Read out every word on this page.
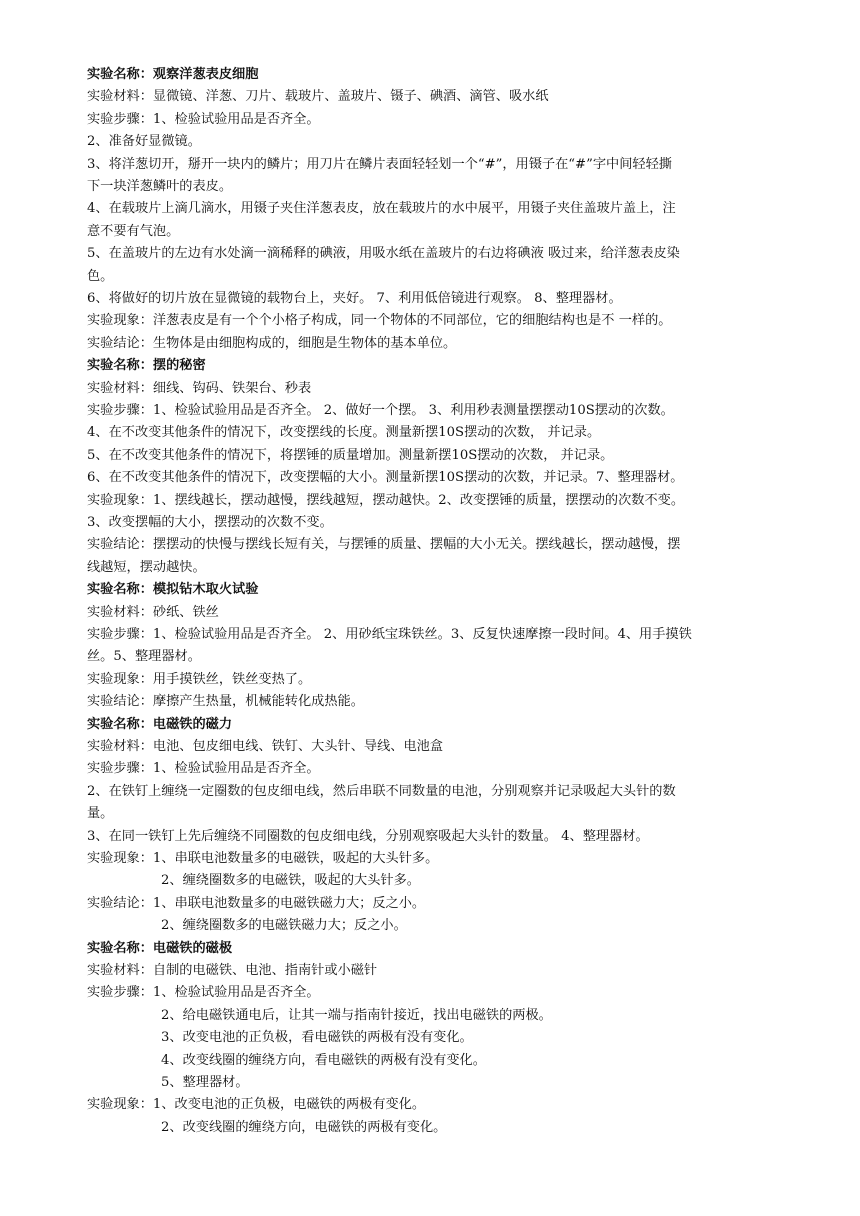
实验名称：观察洋葱表皮细胞
实验材料：显微镜、洋葱、刀片、载玻片、盖玻片、镊子、碘酒、滴管、吸水纸
实验步骤：1、检验试验用品是否齐全。
2、准备好显微镜。
3、将洋葱切开，掰开一块内的鳞片；用刀片在鳞片表面轻轻划一个“#”，用镊子在“#”字中间轻轻撕
下一块洋葱鳞叶的表皮。
4、在载玻片上滴几滴水，用镊子夹住洋葱表皮，放在载玻片的水中展平，用镊子夹住盖玻片盖上，注
意不要有气泡。
5、在盖玻片的左边有水处滴一滴稀释的碘液，用吸水纸在盖玻片的右边将碘液 吸过来，给洋葱表皮染
色。
6、将做好的切片放在显微镜的载物台上，夹好。 7、利用低倍镜进行观察。 8、整理器材。
实验现象：洋葱表皮是有一个个小格子构成，同一个物体的不同部位，它的细胞结构也是不 一样的。
实验结论：生物体是由细胞构成的，细胞是生物体的基本单位。
实验名称：摆的秘密
实验材料：细线、钩码、铁架台、秒表
实验步骤：1、检验试验用品是否齐全。 2、做好一个摆。 3、利用秒表测量摆摆动10S摆动的次数。
4、在不改变其他条件的情况下，改变摆线的长度。测量新摆10S摆动的次数， 并记录。
5、在不改变其他条件的情况下，将摆锤的质量增加。测量新摆10S摆动的次数， 并记录。
6、在不改变其他条件的情况下，改变摆幅的大小。测量新摆10S摆动的次数，并记录。7、整理器材。
实验现象：1、摆线越长，摆动越慢，摆线越短，摆动越快。2、改变摆锤的质量，摆摆动的次数不变。
3、改变摆幅的大小，摆摆动的次数不变。
实验结论：摆摆动的快慢与摆线长短有关，与摆锤的质量、摆幅的大小无关。摆线越长，摆动越慢，摆
线越短，摆动越快。
实验名称：模拟钻木取火试验
实验材料：砂纸、铁丝
实验步骤：1、检验试验用品是否齐全。 2、用砂纸宝珠铁丝。3、反复快速摩擦一段时间。4、用手摸铁
丝。5、整理器材。
实验现象：用手摸铁丝，铁丝变热了。
实验结论：摩擦产生热量，机械能转化成热能。
实验名称：电磁铁的磁力
实验材料：电池、包皮细电线、铁钉、大头针、导线、电池盒
实验步骤：1、检验试验用品是否齐全。
2、在铁钉上缠绕一定圈数的包皮细电线，然后串联不同数量的电池，分别观察并记录吸起大头针的数
量。
3、在同一铁钉上先后缠绕不同圈数的包皮细电线，分别观察吸起大头针的数量。 4、整理器材。
实验现象：1、串联电池数量多的电磁铁，吸起的大头针多。
2、缠绕圈数多的电磁铁，吸起的大头针多。
实验结论：1、串联电池数量多的电磁铁磁力大；反之小。
2、缠绕圈数多的电磁铁磁力大；反之小。
实验名称：电磁铁的磁极
实验材料：自制的电磁铁、电池、指南针或小磁针
实验步骤：1、检验试验用品是否齐全。
2、给电磁铁通电后，让其一端与指南针接近，找出电磁铁的两极。
3、改变电池的正负极，看电磁铁的两极有没有变化。
4、改变线圈的缠绕方向，看电磁铁的两极有没有变化。
5、整理器材。
实验现象：1、改变电池的正负极，电磁铁的两极有变化。
2、改变线圈的缠绕方向，电磁铁的两极有变化。
